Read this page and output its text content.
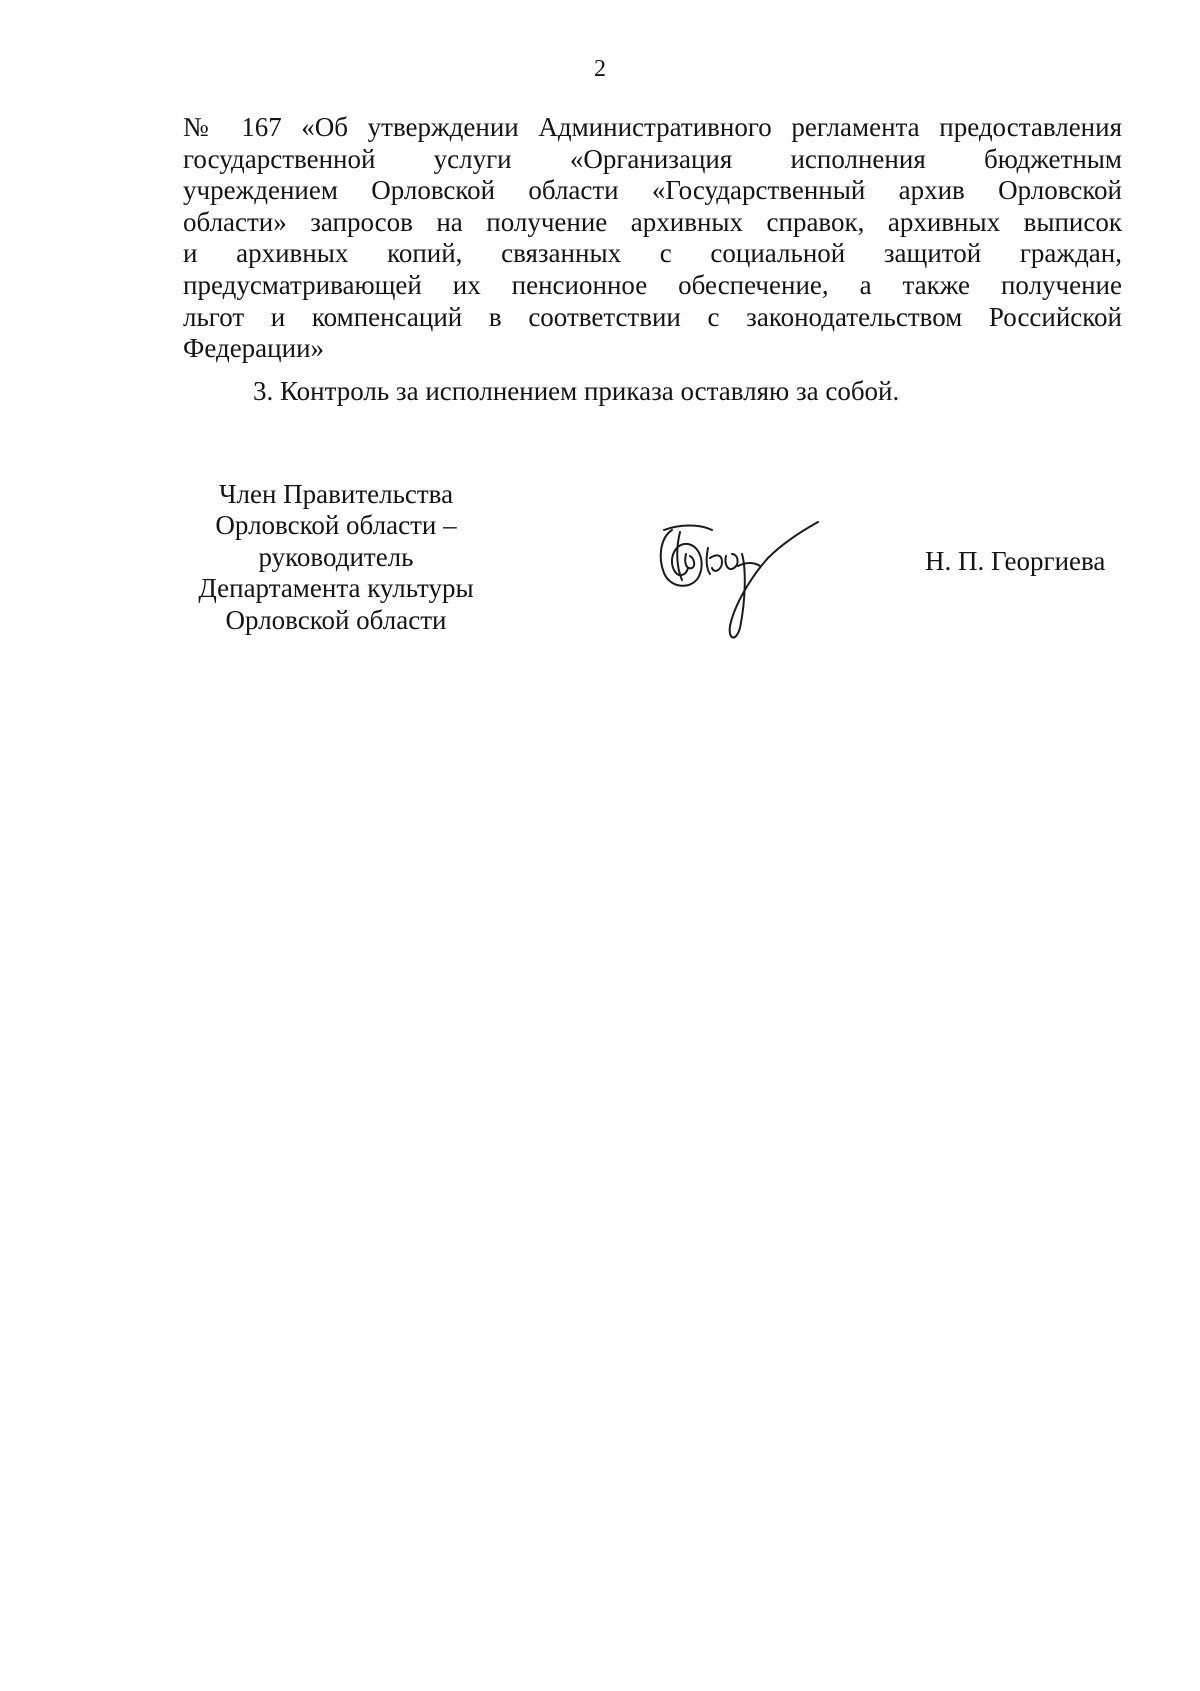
2
№ 167 «Об утверждении Административного регламента предоставления
государственной услуги «Организация исполнения бюджетным
учреждением Орловской области «Государственный архив Орловской
области» запросов на получение архивных справок, архивных выписок
и архивных копий, связанных с социальной защитой граждан,
предусматривающей их пенсионное обеспечение, а также получение
льгот и компенсаций в соответствии с законодательством Российской
Федерации»
3. Контроль за исполнением приказа оставляю за собой.
Член Правительства
Орловской области –
руководитель
Департамента культуры
Орловской области
Н. П. Георгиева
